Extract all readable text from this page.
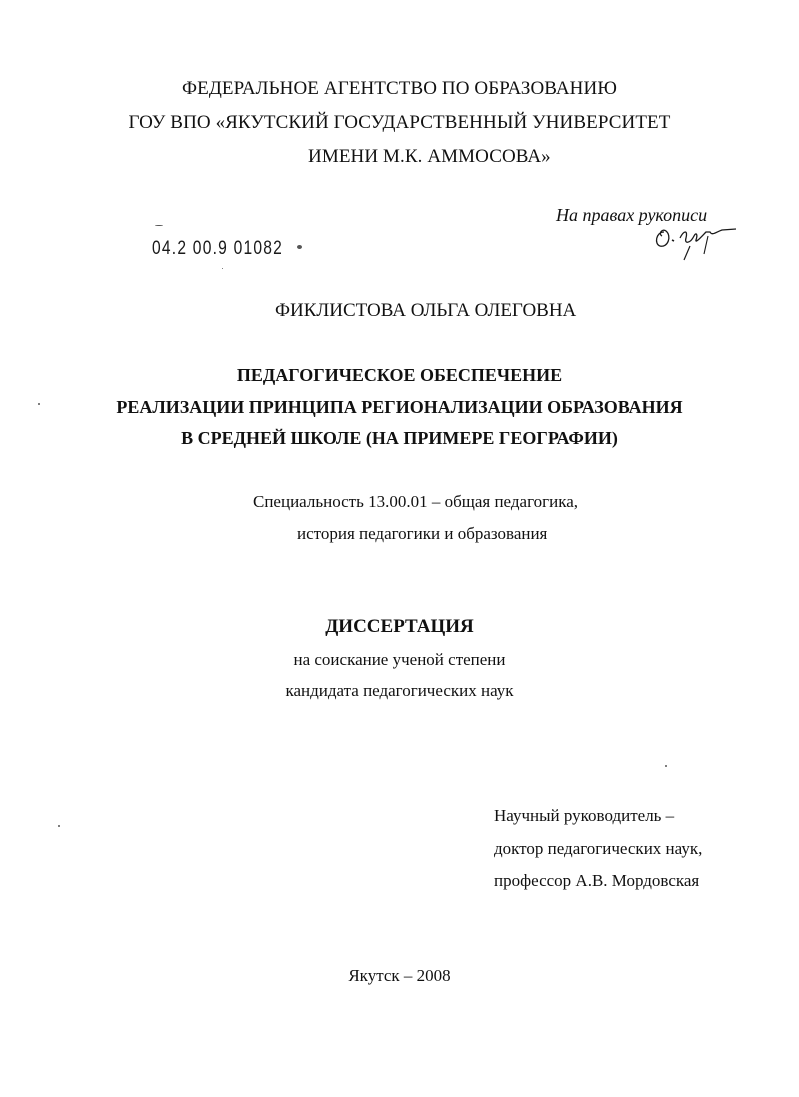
ФЕДЕРАЛЬНОЕ АГЕНТСТВО ПО ОБРАЗОВАНИЮ
ГОУ ВПО «ЯКУТСКИЙ ГОСУДАРСТВЕННЫЙ УНИВЕРСИТЕТ
ИМЕНИ М.К. АММОСОВА»
На правах рукописи
04.2 00.9 01082
ФИКЛИСТОВА ОЛЬГА ОЛЕГОВНА
ПЕДАГОГИЧЕСКОЕ ОБЕСПЕЧЕНИЕ
РЕАЛИЗАЦИИ ПРИНЦИПА РЕГИОНАЛИЗАЦИИ ОБРАЗОВАНИЯ
В СРЕДНЕЙ ШКОЛЕ (НА ПРИМЕРЕ ГЕОГРАФИИ)
Специальность 13.00.01 – общая педагогика,
история педагогики и образования
ДИССЕРТАЦИЯ
на соискание ученой степени
кандидата педагогических наук
Научный руководитель –
доктор педагогических наук,
профессор А.В. Мордовская
Якутск – 2008
